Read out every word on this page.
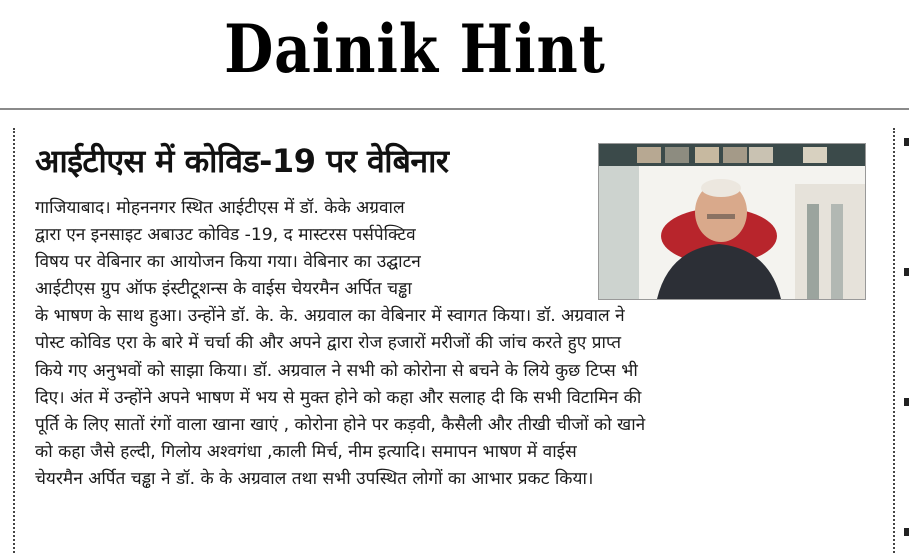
Dainik Hint
आईटीएस में कोविड-19 पर वेबिनार
गाजियाबाद। मोहननगर स्थित आईटीएस में डॉ. केके अग्रवाल
द्वारा एन इनसाइट अबाउट कोविड -19, द मास्टरस पर्सपेक्टिव
विषय पर वेबिनार का आयोजन किया गया। वेबिनार का उद्घाटन
आईटीएस ग्रुप ऑफ इंस्टीटूशन्स के वाईस चेयरमैन अर्पित चड्ढा
के भाषण के साथ हुआ। उन्होंने डॉ. के. के. अग्रवाल का वेबिनार में स्वागत किया। डॉ. अग्रवाल ने
पोस्ट कोविड एरा के बारे में चर्चा की और अपने द्वारा रोज हजारों मरीजों की जांच करते हुए प्राप्त
किये गए अनुभवों को साझा किया। डॉ. अग्रवाल ने सभी को कोरोना से बचने के लिये कुछ टिप्स भी
दिए। अंत में उन्होंने अपने भाषण में भय से मुक्त होने को कहा और सलाह दी कि सभी विटामिन की
पूर्ति के लिए सातों रंगों वाला खाना खाएं , कोरोना होने पर कड़वी, कैसैली और तीखी चीजों को खाने
को कहा जैसे हल्दी, गिलोय अश्वगंधा ,काली मिर्च, नीम इत्यादि। समापन भाषण में वाईस
चेयरमैन अर्पित चड्ढा ने डॉ. के के अग्रवाल तथा सभी उपस्थित लोगों का आभार प्रकट किया।
